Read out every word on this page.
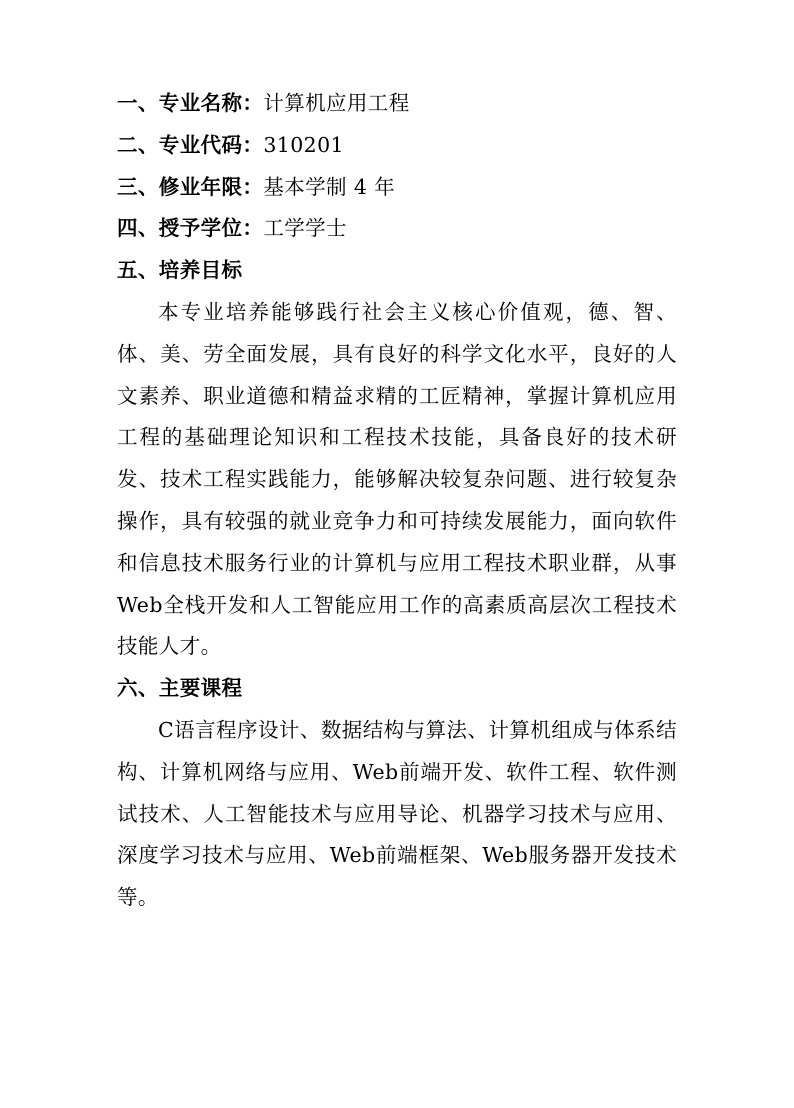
一、专业名称：计算机应用工程
二、专业代码：310201
三、修业年限：基本学制 4 年
四、授予学位：工学学士
五、培养目标
本专业培养能够践行社会主义核心价值观，德、智、体、美、劳全面发展，具有良好的科学文化水平，良好的人文素养、职业道德和精益求精的工匠精神，掌握计算机应用工程的基础理论知识和工程技术技能，具备良好的技术研发、技术工程实践能力，能够解决较复杂问题、进行较复杂操作，具有较强的就业竞争力和可持续发展能力，面向软件和信息技术服务行业的计算机与应用工程技术职业群，从事Web全栈开发和人工智能应用工作的高素质高层次工程技术技能人才。
六、主要课程
C语言程序设计、数据结构与算法、计算机组成与体系结构、计算机网络与应用、Web前端开发、软件工程、软件测试技术、人工智能技术与应用导论、机器学习技术与应用、深度学习技术与应用、Web前端框架、Web服务器开发技术等。
